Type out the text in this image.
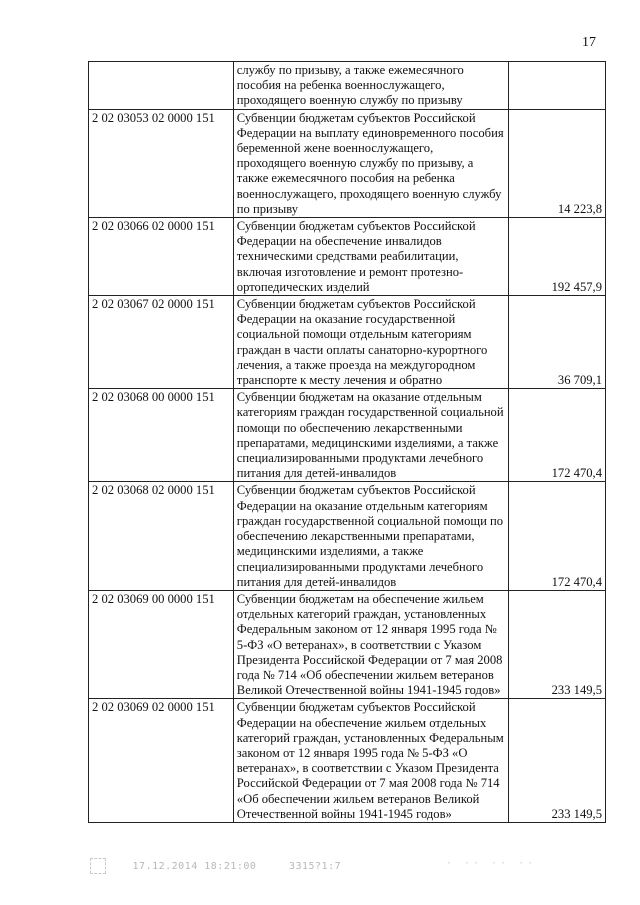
17
	службу по призыву, а также ежемесячного пособия на ребенка военнослужащего, проходящего военную службу по призыву	
2 02 03053 02 0000 151	Субвенции бюджетам субъектов Российской Федерации на выплату единовременного пособия беременной жене военнослужащего, проходящего военную службу по призыву, а также ежемесячного пособия на ребенка военнослужащего, проходящего военную службу по призыву	14 223,8
2 02 03066 02 0000 151	Субвенции бюджетам субъектов Российской Федерации на обеспечение инвалидов техническими средствами реабилитации, включая изготовление и ремонт протезно-ортопедических изделий	192 457,9
2 02 03067 02 0000 151	Субвенции бюджетам субъектов Российской Федерации на оказание государственной социальной помощи отдельным категориям граждан в части оплаты санаторно-курортного лечения, а также проезда на междугородном транспорте к месту лечения и обратно	36 709,1
2 02 03068 00 0000 151	Субвенции бюджетам на оказание отдельным категориям граждан государственной социальной помощи по обеспечению лекарственными препаратами, медицинскими изделиями, а также специализированными продуктами лечебного питания для детей-инвалидов	172 470,4
2 02 03068 02 0000 151	Субвенции бюджетам субъектов Российской Федерации на оказание отдельным категориям граждан государственной социальной помощи по обеспечению лекарственными препаратами, медицинскими изделиями, а также специализированными продуктами лечебного питания для детей-инвалидов	172 470,4
2 02 03069 00 0000 151	Субвенции бюджетам на обеспечение жильем отдельных категорий граждан, установленных Федеральным законом от 12 января 1995 года № 5-ФЗ «О ветеранах», в соответствии с Указом Президента Российской Федерации от 7 мая 2008 года № 714 «Об обеспечении жильем ветеранов Великой Отечественной войны 1941-1945 годов»	233 149,5
2 02 03069 02 0000 151	Субвенции бюджетам субъектов Российской Федерации на обеспечение жильем отдельных категорий граждан, установленных Федеральным законом от 12 января 1995 года № 5-ФЗ «О ветеранах», в соответствии с Указом Президента Российской Федерации от 7 мая 2008 года № 714 «Об обеспечении жильем ветеранов Великой Отечественной войны 1941-1945 годов»	233 149,5
17.12.2014 18:21:00	3315?1:7	· ·· ·· ··
